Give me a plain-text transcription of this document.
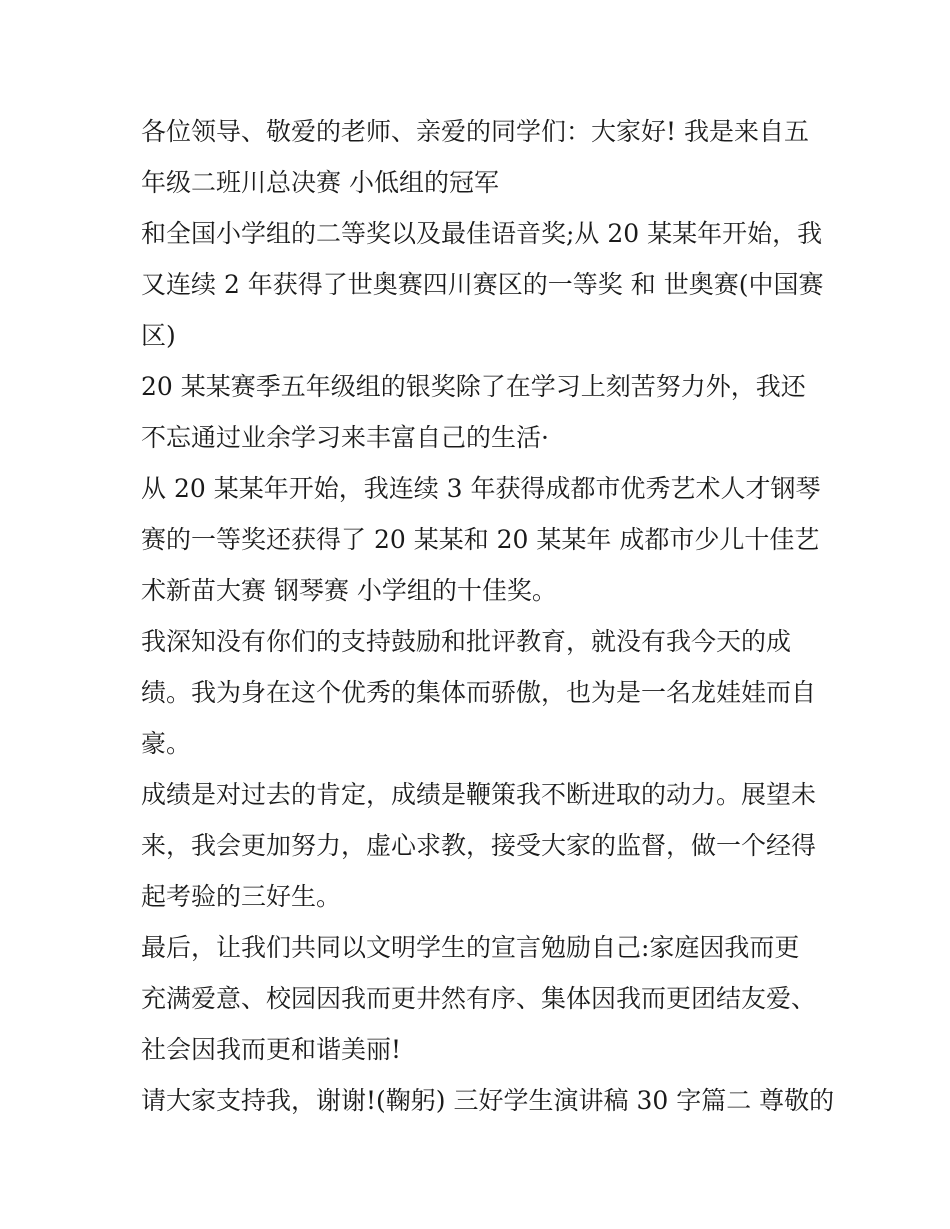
各位领导、敬爱的老师、亲爱的同学们：大家好! 我是来自五
年级二班川总决赛 小低组的冠军
和全国小学组的二等奖以及最佳语音奖;从 20 某某年开始，我
又连续 2 年获得了世奥赛四川赛区的一等奖 和 世奥赛(中国赛
区)
20 某某赛季五年级组的银奖除了在学习上刻苦努力外，我还
不忘通过业余学习来丰富自己的生活·
从 20 某某年开始，我连续 3 年获得成都市优秀艺术人才钢琴
赛的一等奖还获得了 20 某某和 20 某某年 成都市少儿十佳艺
术新苗大赛 钢琴赛 小学组的十佳奖。
我深知没有你们的支持鼓励和批评教育，就没有我今天的成
绩。我为身在这个优秀的集体而骄傲，也为是一名龙娃娃而自
豪。
成绩是对过去的肯定，成绩是鞭策我不断进取的动力。展望未
来，我会更加努力，虚心求教，接受大家的监督，做一个经得
起考验的三好生。
最后，让我们共同以文明学生的宣言勉励自己:家庭因我而更
充满爱意、校园因我而更井然有序、集体因我而更团结友爱、
社会因我而更和谐美丽!
请大家支持我，谢谢!(鞠躬) 三好学生演讲稿 30 字篇二 尊敬的
